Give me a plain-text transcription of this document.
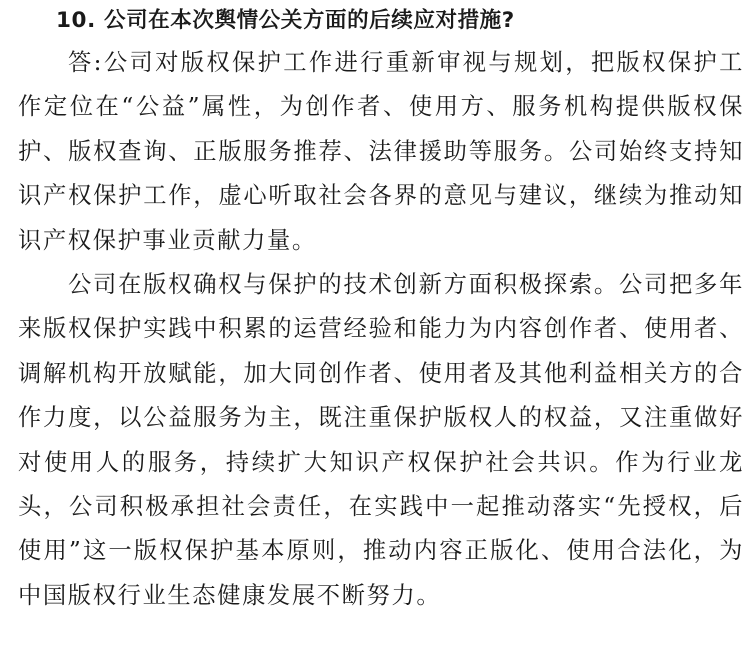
10. 公司在本次舆情公关方面的后续应对措施?

答:公司对版权保护工作进行重新审视与规划，把版权保护工作定位在“公益”属性，为创作者、使用方、服务机构提供版权保护、版权查询、正版服务推荐、法律援助等服务。公司始终支持知识产权保护工作，虚心听取社会各界的意见与建议，继续为推动知识产权保护事业贡献力量。

公司在版权确权与保护的技术创新方面积极探索。公司把多年来版权保护实践中积累的运营经验和能力为内容创作者、使用者、调解机构开放赋能，加大同创作者、使用者及其他利益相关方的合作力度，以公益服务为主，既注重保护版权人的权益，又注重做好对使用人的服务，持续扩大知识产权保护社会共识。作为行业龙头，公司积极承担社会责任，在实践中一起推动落实“先授权，后使用”这一版权保护基本原则，推动内容正版化、使用合法化，为中国版权行业生态健康发展不断努力。
